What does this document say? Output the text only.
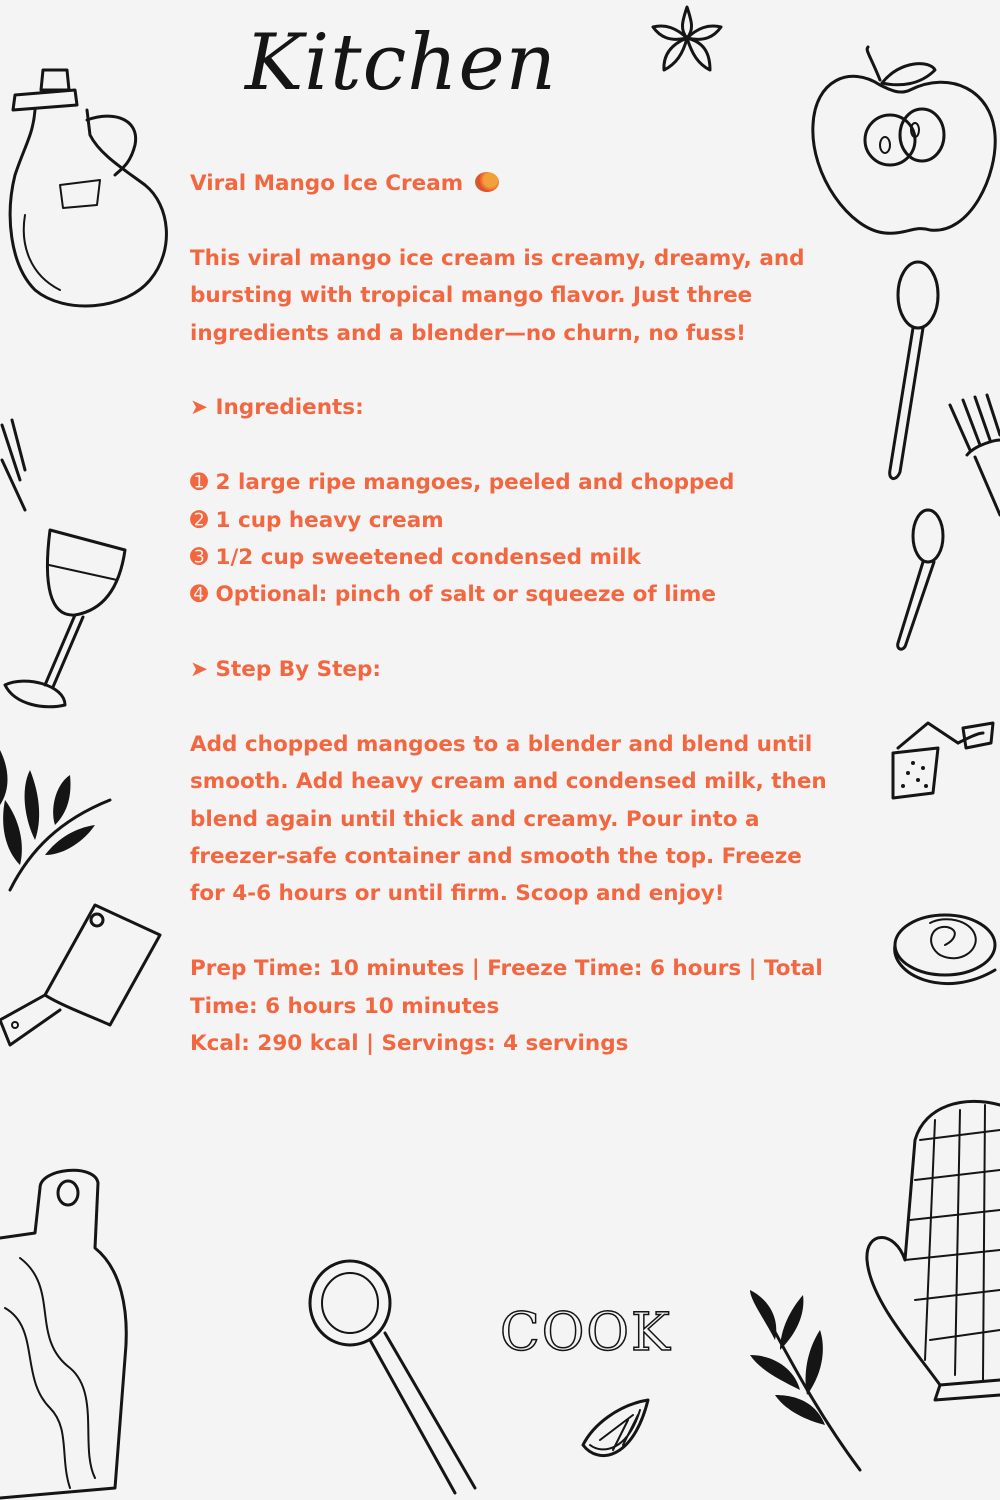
Kitchen
Viral Mango Ice Cream
This viral mango ice cream is creamy, dreamy, and
bursting with tropical mango flavor. Just three
ingredients and a blender—no churn, no fuss!
➤ Ingredients:
➊ 2 large ripe mangoes, peeled and chopped
➋ 1 cup heavy cream
➌ 1/2 cup sweetened condensed milk
➍ Optional: pinch of salt or squeeze of lime
➤ Step By Step:
Add chopped mangoes to a blender and blend until
smooth. Add heavy cream and condensed milk, then
blend again until thick and creamy. Pour into a
freezer-safe container and smooth the top. Freeze
for 4-6 hours or until firm. Scoop and enjoy!
Prep Time: 10 minutes | Freeze Time: 6 hours | Total
Time: 6 hours 10 minutes
Kcal: 290 kcal | Servings: 4 servings
COOK
